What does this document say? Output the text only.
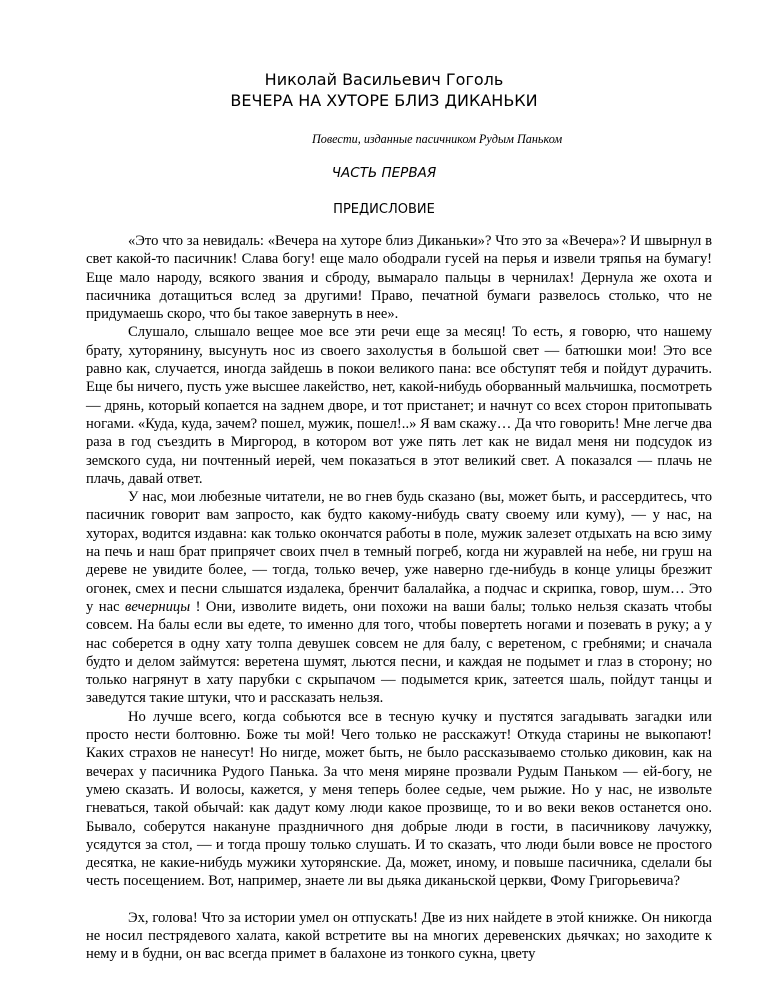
Николай Васильевич Гоголь

ВЕЧЕРА НА ХУТОРЕ БЛИЗ ДИКАНЬКИ

Повести, изданные пасичником Рудым Паньком

ЧАСТЬ ПЕРВАЯ

ПРЕДИСЛОВИЕ

«Это что за невидаль: «Вечера на хуторе близ Диканьки»? Что это за «Вечера»? И швырнул в свет какой-то пасичник! Слава богу! еще мало ободрали гусей на перья и извели тряпья на бумагу! Еще мало народу, всякого звания и сброду, вымарало пальцы в чернилах! Дернула же охота и пасичника дотащиться вслед за другими! Право, печатной бумаги развелось столько, что не придумаешь скоро, что бы такое завернуть в нее».

Слушало, слышало вещее мое все эти речи еще за месяц! То есть, я говорю, что нашему брату, хуторянину, высунуть нос из своего захолустья в большой свет — батюшки мои! Это все равно как, случается, иногда зайдешь в покои великого пана: все обступят тебя и пойдут дурачить. Еще бы ничего, пусть уже высшее лакейство, нет, какой-нибудь оборванный мальчишка, посмотреть — дрянь, который копается на заднем дворе, и тот пристанет; и начнут со всех сторон притопывать ногами. «Куда, куда, зачем? пошел, мужик, пошел!..» Я вам скажу… Да что говорить! Мне легче два раза в год съездить в Миргород, в котором вот уже пять лет как не видал меня ни подсудок из земского суда, ни почтенный иерей, чем показаться в этот великий свет. А показался — плачь не плачь, давай ответ.

У нас, мои любезные читатели, не во гнев будь сказано (вы, может быть, и рассердитесь, что пасичник говорит вам запросто, как будто какому-нибудь свату своему или куму), — у нас, на хуторах, водится издавна: как только окончатся работы в поле, мужик залезет отдыхать на всю зиму на печь и наш брат припрячет своих пчел в темный погреб, когда ни журавлей на небе, ни груш на дереве не увидите более, — тогда, только вечер, уже наверно где-нибудь в конце улицы брезжит огонек, смех и песни слышатся издалека, бренчит балалайка, а подчас и скрипка, говор, шум… Это у нас вечерницы ! Они, изволите видеть, они похожи на ваши балы; только нельзя сказать чтобы совсем. На балы если вы едете, то именно для того, чтобы повертеть ногами и позевать в руку; а у нас соберется в одну хату толпа девушек совсем не для балу, с веретеном, с гребнями; и сначала будто и делом займутся: веретена шумят, льются песни, и каждая не подымет и глаз в сторону; но только нагрянут в хату парубки с скрыпачом — подымется крик, затеется шаль, пойдут танцы и заведутся такие штуки, что и рассказать нельзя.

Но лучше всего, когда собьются все в тесную кучку и пустятся загадывать загадки или просто нести болтовню. Боже ты мой! Чего только не расскажут! Откуда старины не выкопают! Каких страхов не нанесут! Но нигде, может быть, не было рассказываемо столько диковин, как на вечерах у пасичника Рудого Панька. За что меня миряне прозвали Рудым Паньком — ей-богу, не умею сказать. И волосы, кажется, у меня теперь более седые, чем рыжие. Но у нас, не извольте гневаться, такой обычай: как дадут кому люди какое прозвище, то и во веки веков останется оно. Бывало, соберутся накануне праздничного дня добрые люди в гости, в пасичникову лачужку, усядутся за стол, — и тогда прошу только слушать. И то сказать, что люди были вовсе не простого десятка, не какие-нибудь мужики хуторянские. Да, может, иному, и повыше пасичника, сделали бы честь посещением. Вот, например, знаете ли вы дьяка диканьской церкви, Фому Григорьевича?

Эх, голова! Что за истории умел он отпускать! Две из них найдете в этой книжке. Он никогда не носил пестрядевого халата, какой встретите вы на многих деревенских дьячках; но заходите к нему и в будни, он вас всегда примет в балахоне из тонкого сукна, цвету
